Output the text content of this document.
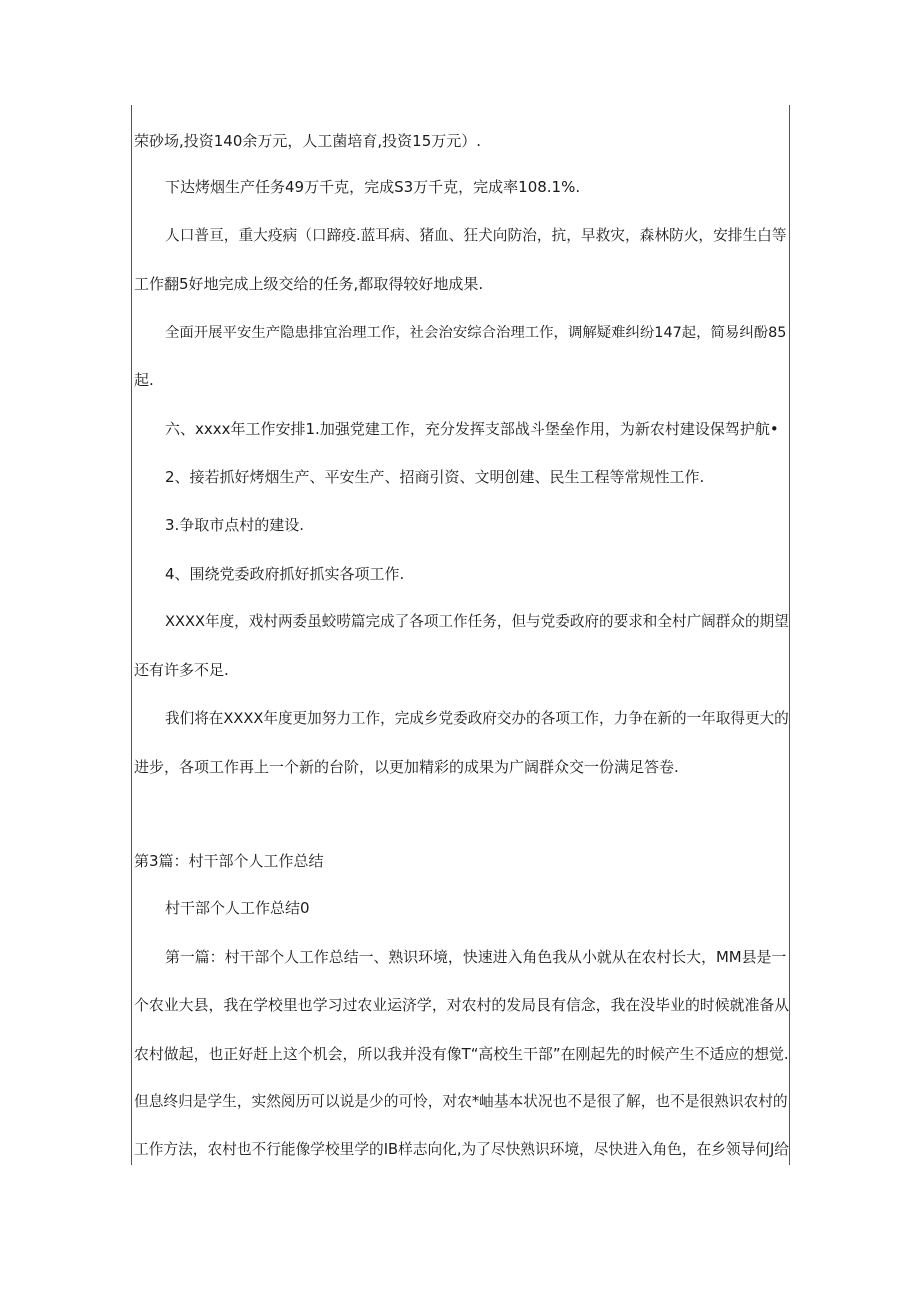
荣砂场,投资140余万元，人工菌培育,投资15万元）.
下达烤烟生产任务49万千克，完成S3万千克，完成率108.1%.
人口普亘，重大疫病（口蹄疫.蓝耳病、猪血、狂犬向防治，抗，早救灾，森林防火，安排生白等
工作翻5好地完成上级交给的任务,都取得较好地成果.
全面开展平安生产隐患排宜治理工作，社会治安综合治理工作，调解疑难纠纷147起，简易纠酚85
起.
六、xxxx年工作安排1.加强党建工作，充分发挥支部战斗堡垒作用，为新农村建设保驾护航•
2、接若抓好烤烟生产、平安生产、招商引资、文明创建、民生工程等常规性工作.
3.争取市点村的建设.
4、围绕党委政府抓好抓实各项工作.
XXXX年度，戏村两委虽蛟唠篇完成了各项工作任务，但与党委政府的要求和全村广阔群众的期望
还有许多不足.
我们将在XXXX年度更加努力工作，完成乡党委政府交办的各项工作，力争在新的一年取得更大的
进步，各项工作再上一个新的台阶，以更加精彩的成果为广阔群众交一份满足答卷.
第3篇：村干部个人工作总结
村干部个人工作总结0
第一篇：村干部个人工作总结一、熟识环境，快速进入角色我从小就从在农村长大，MM县是一
个农业大县，我在学校里也学习过农业运济学，对农村的发局艮有信念，我在没毕业的时候就准备从
农村做起，也正好赶上这个机会，所以我并没有像T“高校生干部”在刚起先的时候产生不适应的想觉.
但息终归是学生，实然阅历可以说是少的可怜，对农*岫基本状况也不是很了解，也不是很熟识农村的
工作方法，农村也不行能像学校里学的IB样志向化,为了尽快熟识环境，尽快进入角色，在乡领导何J给
